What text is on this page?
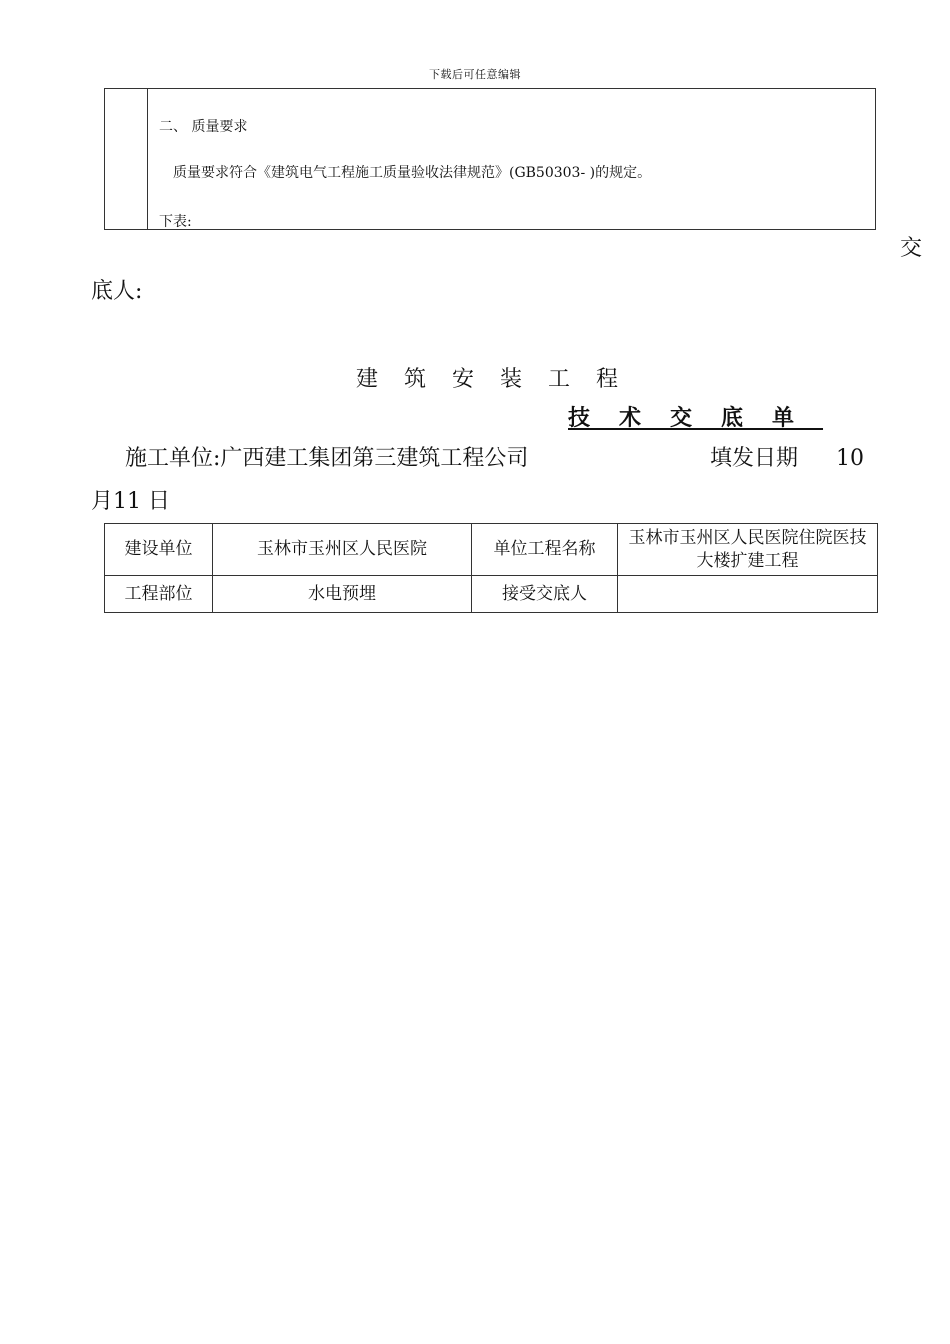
下载后可任意编辑
二、 质量要求
质量要求符合《建筑电气工程施工质量验收法律规范》(GB50303- )的规定。
下表:
交
底人:
建筑安装工程
技术交底单
施工单位:广西建工集团第三建筑工程公司	填发日期 10
月11 日
建设单位	玉林市玉州区人民医院	单位工程名称	玉林市玉州区人民医院住院医技大楼扩建工程
工程部位	水电预埋	接受交底人	
